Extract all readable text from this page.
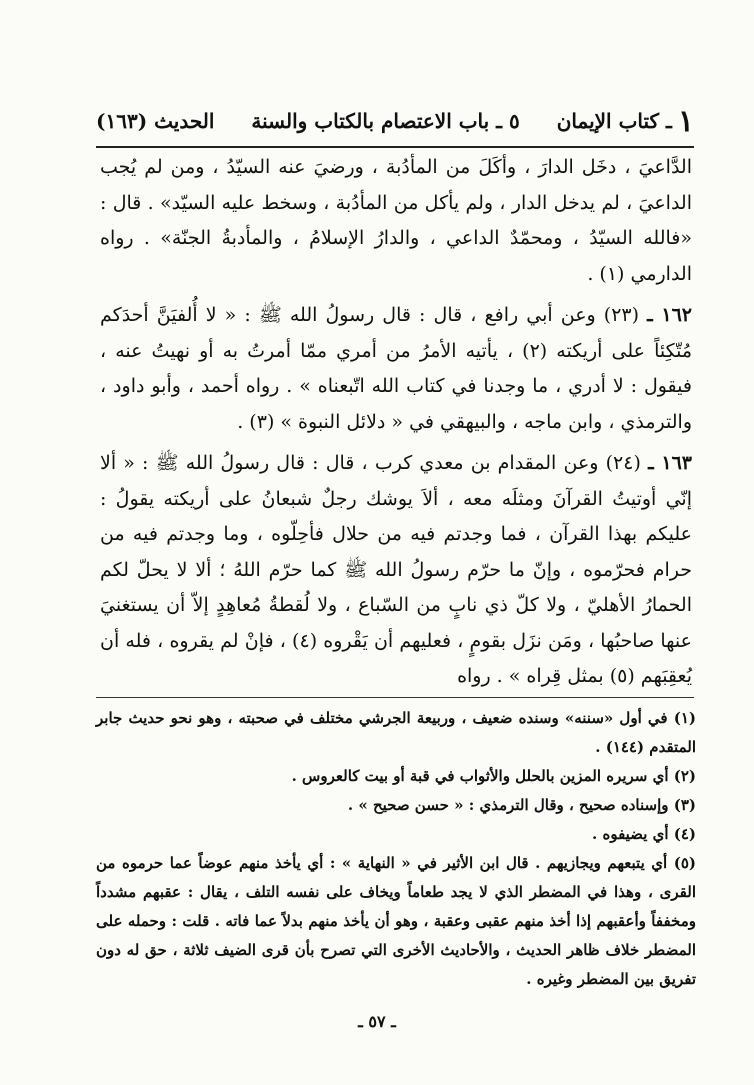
١
ـ كتاب الإيمان
٥ ـ باب الاعتصام بالكتاب والسنة
الحديث (١٦٣)

الدَّاعيَ ، دخَل الدارَ ، وأكَلَ من المأدُبة ، ورضيَ عنه السيّدُ ، ومن لم يُجب الداعيَ ، لم يدخل الدار ، ولم يأكل من المأدُبة ، وسخط عليه السيّد» . قال : «فالله السيّدُ ، ومحمّدٌ الداعي ، والدارُ الإسلامُ ، والمأدبةُ الجنّة» . رواه الدارمي (١) .

١٦٢ ـ (٢٣) وعن أبي رافع ، قال : قال رسولُ الله ﷺ : « لا أُلفيَنَّ أحدَكم مُتّكِئاً على أريكته (٢) ، يأتيه الأمرُ من أمري ممّا أمرتُ به أو نهيتُ عنه ، فيقول : لا أدري ، ما وجدنا في كتاب الله اتّبعناه » . رواه أحمد ، وأبو داود ، والترمذي ، وابن ماجه ، والبيهقي في « دلائل النبوة » (٣) .

١٦٣ ـ (٢٤) وعن المقدام بن معدي كرب ، قال : قال رسولُ الله ﷺ : « ألا إنّي أوتيتُ القرآنَ ومثلَه معه ، ألاَ يوشك رجلٌ شبعانُ على أريكته يقولُ : عليكم بهذا القرآن ، فما وجدتم فيه من حلال فأحِلّوه ، وما وجدتم فيه من حرام فحرّموه ، وإنّ ما حرّم رسولُ الله ﷺ كما حرّم اللهُ ؛ ألا لا يحلّ لكم الحمارُ الأهليّ ، ولا كلّ ذي نابٍ من السّباع ، ولا لُقطةُ مُعاهِدٍ إلاّ أن يستغنيَ عنها صاحبُها ، ومَن نزَل بقومٍ ، فعليهم أن يَقْروه (٤) ، فإنْ لم يقروه ، فله أن يُعقِبَهم (٥) بمثل قِراه » . رواه

(١) في أول «سننه» وسنده ضعيف ، وربيعة الجرشي مختلف في صحبته ، وهو نحو حديث جابر المتقدم (١٤٤) .

(٢) أي سريره المزين بالحلل والأثواب في قبة أو بيت كالعروس .

(٣) وإسناده صحيح ، وقال الترمذي : « حسن صحيح » .

(٤) أي يضيفوه .

(٥) أي يتبعهم ويجازيهم . قال ابن الأثير في « النهاية » : أي يأخذ منهم عوضاً عما حرموه من القرى ، وهذا في المضطر الذي لا يجد طعاماً ويخاف على نفسه التلف ، يقال : عقبهم مشدداً ومخففاً وأعقبهم إذا أخذ منهم عقبى وعقبة ، وهو أن يأخذ منهم بدلاً عما فاته . قلت : وحمله على المضطر خلاف ظاهر الحديث ، والأحاديث الأخرى التي تصرح بأن قرى الضيف ثلاثة ، حق له دون تفريق بين المضطر وغيره .

ـ ٥٧ ـ
